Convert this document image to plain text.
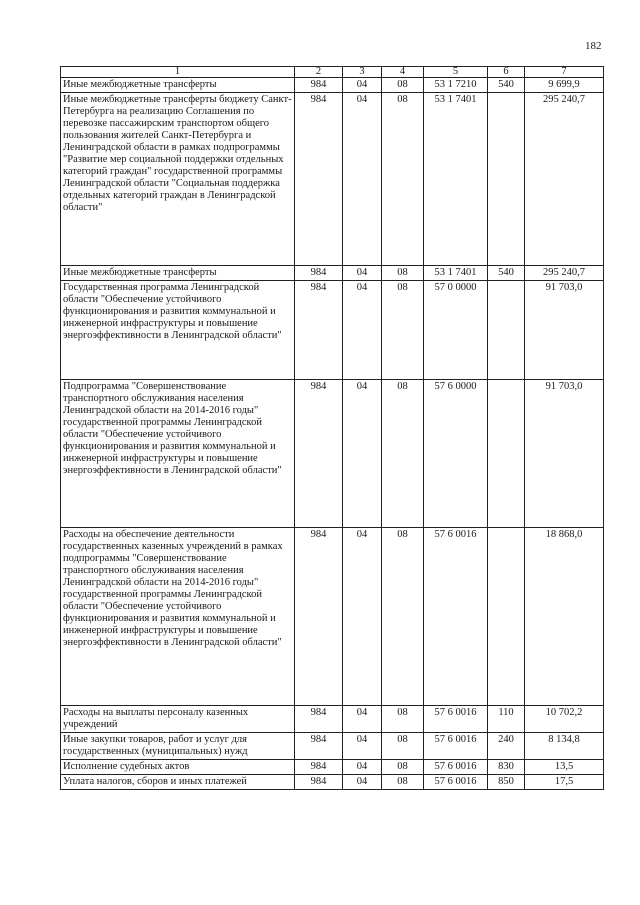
182
1	2	3	4	5	6	7
Иные межбюджетные трансферты	984	04	08	53 1 7210	540	9 699,9
Иные межбюджетные трансферты бюджету Санкт-Петербурга на реализацию Соглашения по перевозке пассажирским транспортом общего пользования жителей Санкт-Петербурга и Ленинградской области в рамках подпрограммы "Развитие мер социальной поддержки отдельных категорий граждан" государственной программы Ленинградской области "Социальная поддержка отдельных категорий граждан в Ленинградской области"	984	04	08	53 1 7401		295 240,7
Иные межбюджетные трансферты	984	04	08	53 1 7401	540	295 240,7
Государственная программа Ленинградской области "Обеспечение устойчивого функционирования и развития коммунальной и инженерной инфраструктуры и повышение энергоэффективности в Ленинградской области"	984	04	08	57 0 0000		91 703,0
Подпрограмма "Совершенствование транспортного обслуживания населения Ленинградской области на 2014-2016 годы" государственной программы Ленинградской области "Обеспечение устойчивого функционирования и развития коммунальной и инженерной инфраструктуры и повышение энергоэффективности в Ленинградской области"	984	04	08	57 6 0000		91 703,0
Расходы на обеспечение деятельности государственных казенных учреждений в рамках подпрограммы "Совершенствование транспортного обслуживания населения Ленинградской области на 2014-2016 годы" государственной программы Ленинградской области "Обеспечение устойчивого функционирования и развития коммунальной и инженерной инфраструктуры и повышение энергоэффективности в Ленинградской области"	984	04	08	57 6 0016		18 868,0
Расходы на выплаты персоналу казенных учреждений	984	04	08	57 6 0016	110	10 702,2
Иные закупки товаров, работ и услуг для государственных (муниципальных) нужд	984	04	08	57 6 0016	240	8 134,8
Исполнение судебных актов	984	04	08	57 6 0016	830	13,5
Уплата налогов, сборов и иных платежей	984	04	08	57 6 0016	850	17,5
